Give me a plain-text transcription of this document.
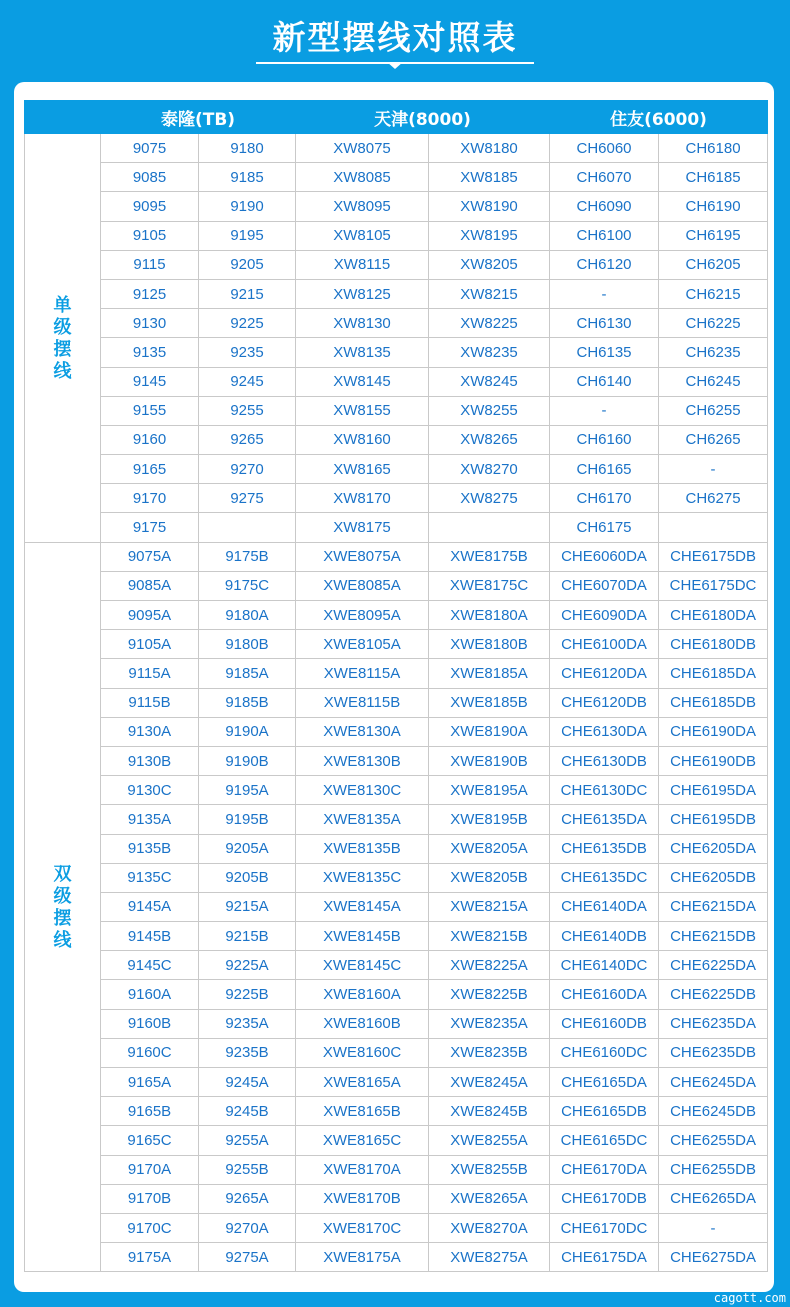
新型摆线对照表
	泰隆(TB)		天津(8000)		住友(6000)	

单
级
摆
线	9075	9180	XW8075	XW8180	CH6060	CH6180
	9085	9185	XW8085	XW8185	CH6070	CH6185
	9095	9190	XW8095	XW8190	CH6090	CH6190
	9105	9195	XW8105	XW8195	CH6100	CH6195
	9115	9205	XW8115	XW8205	CH6120	CH6205
	9125	9215	XW8125	XW8215	-	CH6215
	9130	9225	XW8130	XW8225	CH6130	CH6225
	9135	9235	XW8135	XW8235	CH6135	CH6235
	9145	9245	XW8145	XW8245	CH6140	CH6245
	9155	9255	XW8155	XW8255	-	CH6255
	9160	9265	XW8160	XW8265	CH6160	CH6265
	9165	9270	XW8165	XW8270	CH6165	-
	9170	9275	XW8170	XW8275	CH6170	CH6275
	9175		XW8175		CH6175	

双
级
摆
线	9075A	9175B	XWE8075A	XWE8175B	CHE6060DA	CHE6175DB
	9085A	9175C	XWE8085A	XWE8175C	CHE6070DA	CHE6175DC
	9095A	9180A	XWE8095A	XWE8180A	CHE6090DA	CHE6180DA
	9105A	9180B	XWE8105A	XWE8180B	CHE6100DA	CHE6180DB
	9115A	9185A	XWE8115A	XWE8185A	CHE6120DA	CHE6185DA
	9115B	9185B	XWE8115B	XWE8185B	CHE6120DB	CHE6185DB
	9130A	9190A	XWE8130A	XWE8190A	CHE6130DA	CHE6190DA
	9130B	9190B	XWE8130B	XWE8190B	CHE6130DB	CHE6190DB
	9130C	9195A	XWE8130C	XWE8195A	CHE6130DC	CHE6195DA
	9135A	9195B	XWE8135A	XWE8195B	CHE6135DA	CHE6195DB
	9135B	9205A	XWE8135B	XWE8205A	CHE6135DB	CHE6205DA
	9135C	9205B	XWE8135C	XWE8205B	CHE6135DC	CHE6205DB
	9145A	9215A	XWE8145A	XWE8215A	CHE6140DA	CHE6215DA
	9145B	9215B	XWE8145B	XWE8215B	CHE6140DB	CHE6215DB
	9145C	9225A	XWE8145C	XWE8225A	CHE6140DC	CHE6225DA
	9160A	9225B	XWE8160A	XWE8225B	CHE6160DA	CHE6225DB
	9160B	9235A	XWE8160B	XWE8235A	CHE6160DB	CHE6235DA
	9160C	9235B	XWE8160C	XWE8235B	CHE6160DC	CHE6235DB
	9165A	9245A	XWE8165A	XWE8245A	CHE6165DA	CHE6245DA
	9165B	9245B	XWE8165B	XWE8245B	CHE6165DB	CHE6245DB
	9165C	9255A	XWE8165C	XWE8255A	CHE6165DC	CHE6255DA
	9170A	9255B	XWE8170A	XWE8255B	CHE6170DA	CHE6255DB
	9170B	9265A	XWE8170B	XWE8265A	CHE6170DB	CHE6265DA
	9170C	9270A	XWE8170C	XWE8270A	CHE6170DC	-
	9175A	9275A	XWE8175A	XWE8275A	CHE6175DA	CHE6275DA
cagott.com
